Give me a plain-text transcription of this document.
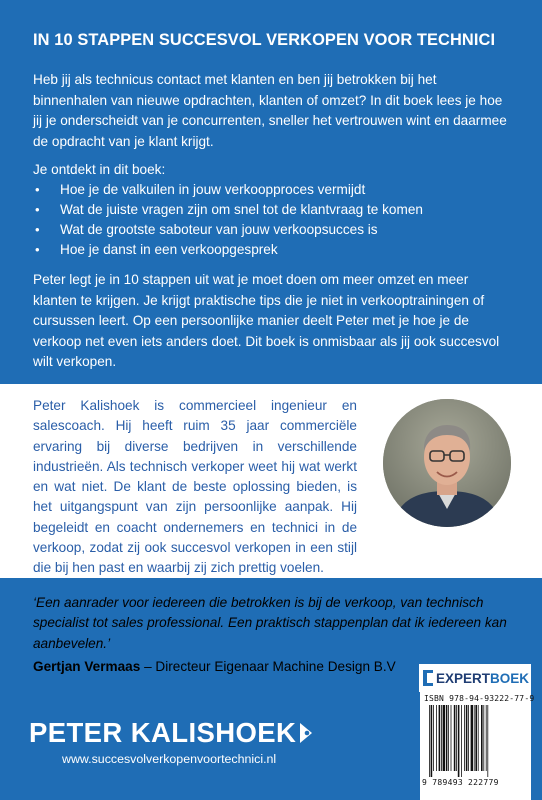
IN 10 STAPPEN SUCCESVOL VERKOPEN VOOR TECHNICI

Heb jij als technicus contact met klanten en ben jij betrokken bij het binnenhalen van nieuwe opdrachten, klanten of omzet? In dit boek lees je hoe jij je onderscheidt van je concurrenten, sneller het vertrouwen wint en daarmee de opdracht van je klant krijgt.

Je ontdekt in dit boek:
• Hoe je de valkuilen in jouw verkoopproces vermijdt
• Wat de juiste vragen zijn om snel tot de klantvraag te komen
• Wat de grootste saboteur van jouw verkoopsucces is
• Hoe je danst in een verkoopgesprek

Peter legt je in 10 stappen uit wat je moet doen om meer omzet en meer klanten te krijgen. Je krijgt praktische tips die je niet in verkooptrainingen of cursussen leert. Op een persoonlijke manier deelt Peter met je hoe je de verkoop net even iets anders doet. Dit boek is onmisbaar als jij ook succesvol wilt verkopen.

Peter Kalishoek is commercieel ingenieur en salescoach. Hij heeft ruim 35 jaar commerciële ervaring bij diverse bedrijven in verschillende industrieën. Als technisch verkoper weet hij wat werkt en wat niet. De klant de beste oplossing bieden, is het uitgangspunt van zijn persoonlijke aanpak. Hij begeleidt en coacht ondernemers en technici in de verkoop, zodat zij ook succesvol verkopen in een stijl die bij hen past en waarbij zij zich prettig voelen.

‘Een aanrader voor iedereen die betrokken is bij de verkoop, van technisch specialist tot sales professional. Een praktisch stappenplan dat ik iedereen kan aanbevelen.’

Gertjan Vermaas – Directeur Eigenaar Machine Design B.V
EXPERT BOEK
ISBN 978-94-93222-77-9
9 789493 222779
PETER KALISHOEK
www.succesvolverkopenvoortechnici.nl
